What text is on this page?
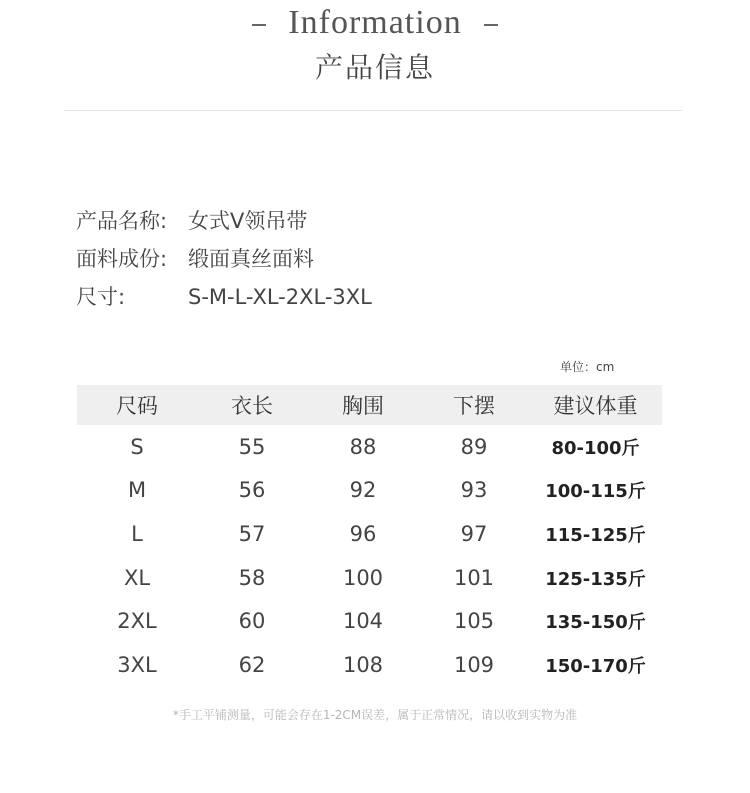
Information
产品信息
产品名称: 女式V领吊带
面料成份: 缎面真丝面料
尺寸:	S-M-L-XL-2XL-3XL
单位：cm
尺码	衣长	胸围	下摆	建议体重
S	55	88	89	80-100斤
M	56	92	93	100-115斤
L	57	96	97	115-125斤
XL	58	100	101	125-135斤
2XL	60	104	105	135-150斤
3XL	62	108	109	150-170斤
*手工平铺测量，可能会存在1-2CM误差，属于正常情况，请以收到实物为准
